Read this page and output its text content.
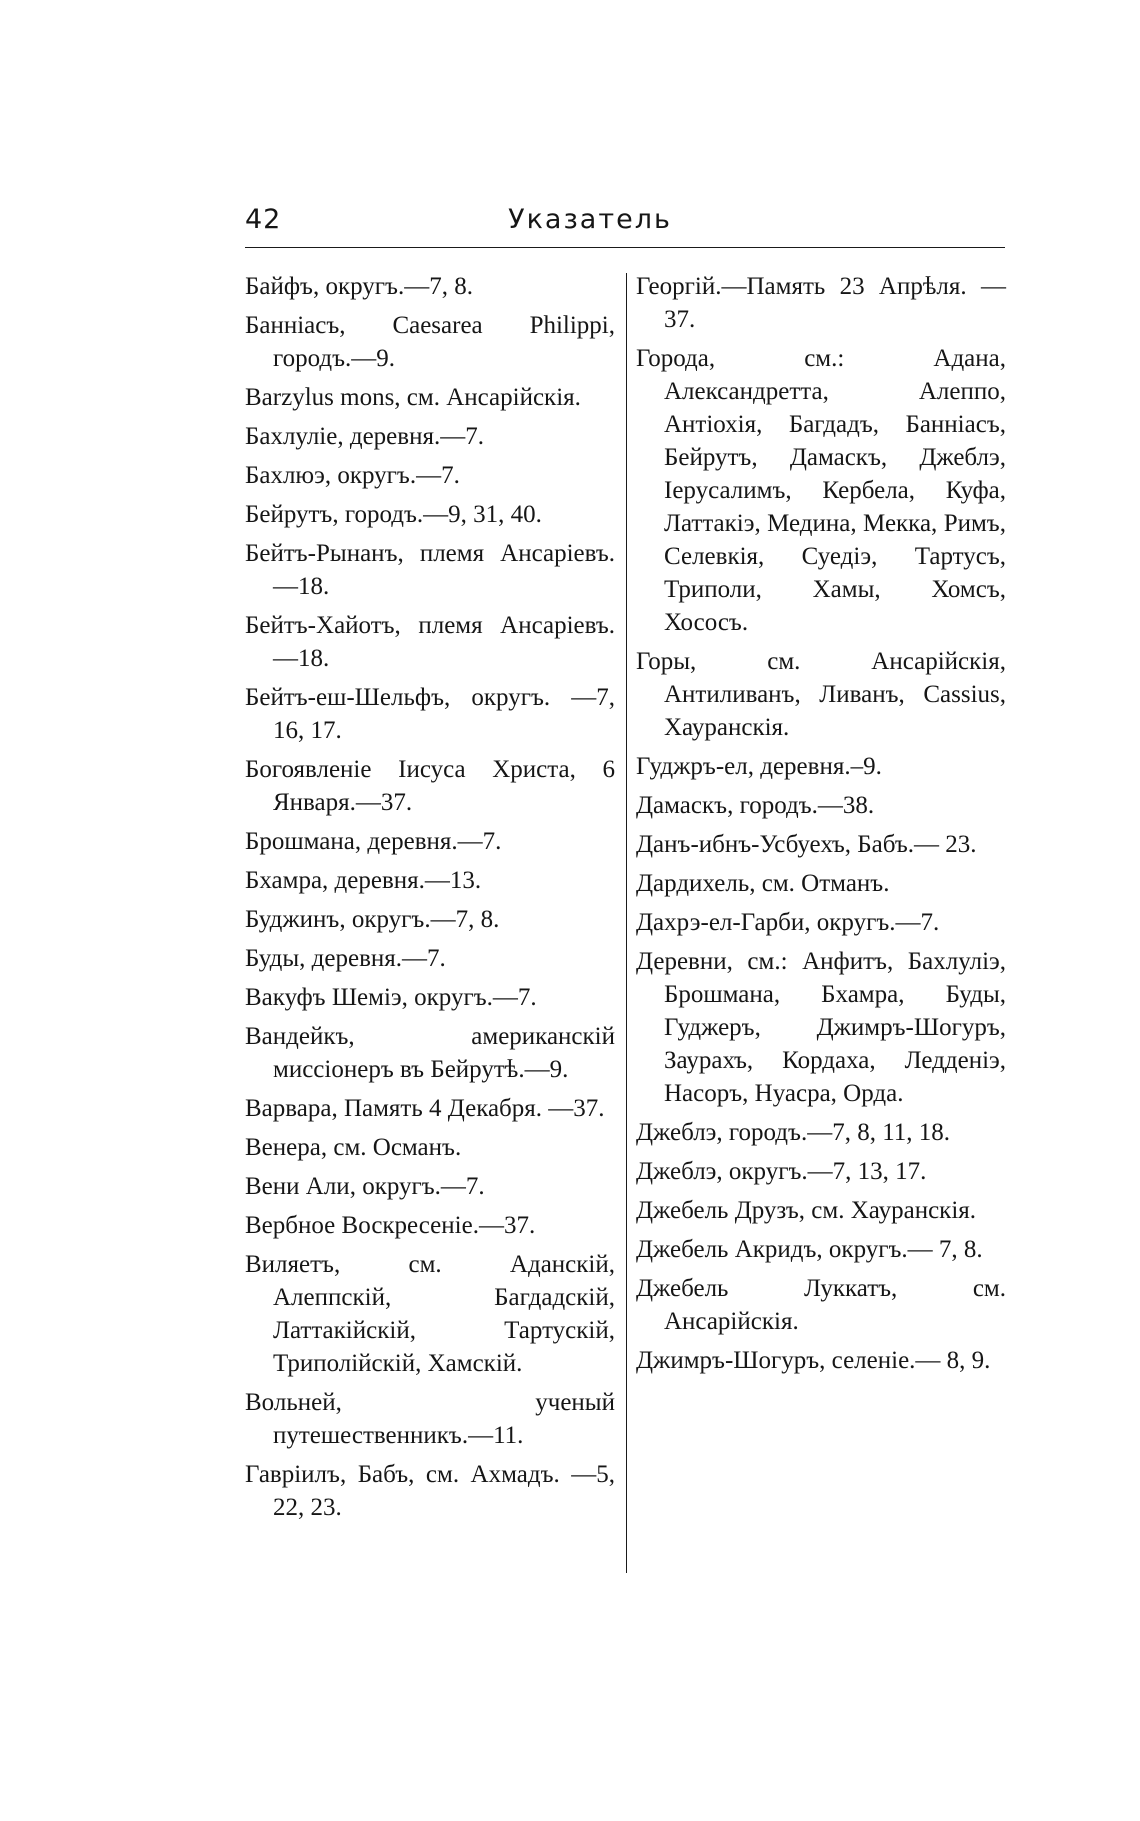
42	Указатель
Байфъ, округъ.—7, 8.
Банніасъ, Caesarea Philippi, городъ.—9.
Barzylus mons, см. Ансарійскія.
Бахлуліе, деревня.—7.
Бахлюэ, округъ.—7.
Бейрутъ, городъ.—9, 31, 40.
Бейтъ-Рынанъ, племя Ансаріевъ.—18.
Бейтъ-Хайотъ, племя Ансаріевъ.—18.
Бейтъ-еш-Шельфъ, округъ. —7, 16, 17.
Богоявленіе Іисуса Христа, 6 Января.—37.
Брошмана, деревня.—7.
Бхамра, деревня.—13.
Буджинъ, округъ.—7, 8.
Буды, деревня.—7.
Вакуфъ Шеміэ, округъ.—7.
Вандейкъ, американскій миссіонеръ въ Бейрутѣ.—9.
Варвара, Память 4 Декабря. —37.
Венера, см. Османъ.
Вени Али, округъ.—7.
Вербное Воскресеніе.—37.
Виляетъ, см. Аданскій, Алеппскій, Багдадскій, Латтакійскій, Тартускій, Триполійскій, Хамскій.
Вольней, ученый путешественникъ.—11.
Гавріилъ, Бабъ, см. Ахмадъ. —5, 22, 23.
Георгій.—Память 23 Апрѣля. —37.
Города, см.: Адана, Александретта, Алеппо, Антіохія, Багдадъ, Банніасъ, Бейрутъ, Дамаскъ, Джеблэ, Іерусалимъ, Кербела, Куфа, Латтакіэ, Медина, Мекка, Римъ, Селевкія, Суедіэ, Тартусъ, Триполи, Хамы, Хомсъ, Хососъ.
Горы, см. Ансарійскія, Антиливанъ, Ливанъ, Cassius, Хауранскія.
Гуджръ-ел, деревня.–9.
Дамаскъ, городъ.—38.
Данъ-ибнъ-Усбуехъ, Бабъ.— 23.
Дардихель, см. Отманъ.
Дахрэ-ел-Гарби, округъ.—7.
Деревни, см.: Анфитъ, Бахлуліэ, Брошмана, Бхамра, Буды, Гуджеръ, Джимръ-Шогуръ, Заурахъ, Кордаха, Ледденіэ, Насоръ, Нуасра, Орда.
Джеблэ, городъ.—7, 8, 11, 18.
Джеблэ, округъ.—7, 13, 17.
Джебель Друзъ, см. Хауранскія.
Джебель Акридъ, округъ.— 7, 8.
Джебель Луккатъ, см. Ансарійскія.
Джимръ-Шогуръ, селеніе.— 8, 9.
